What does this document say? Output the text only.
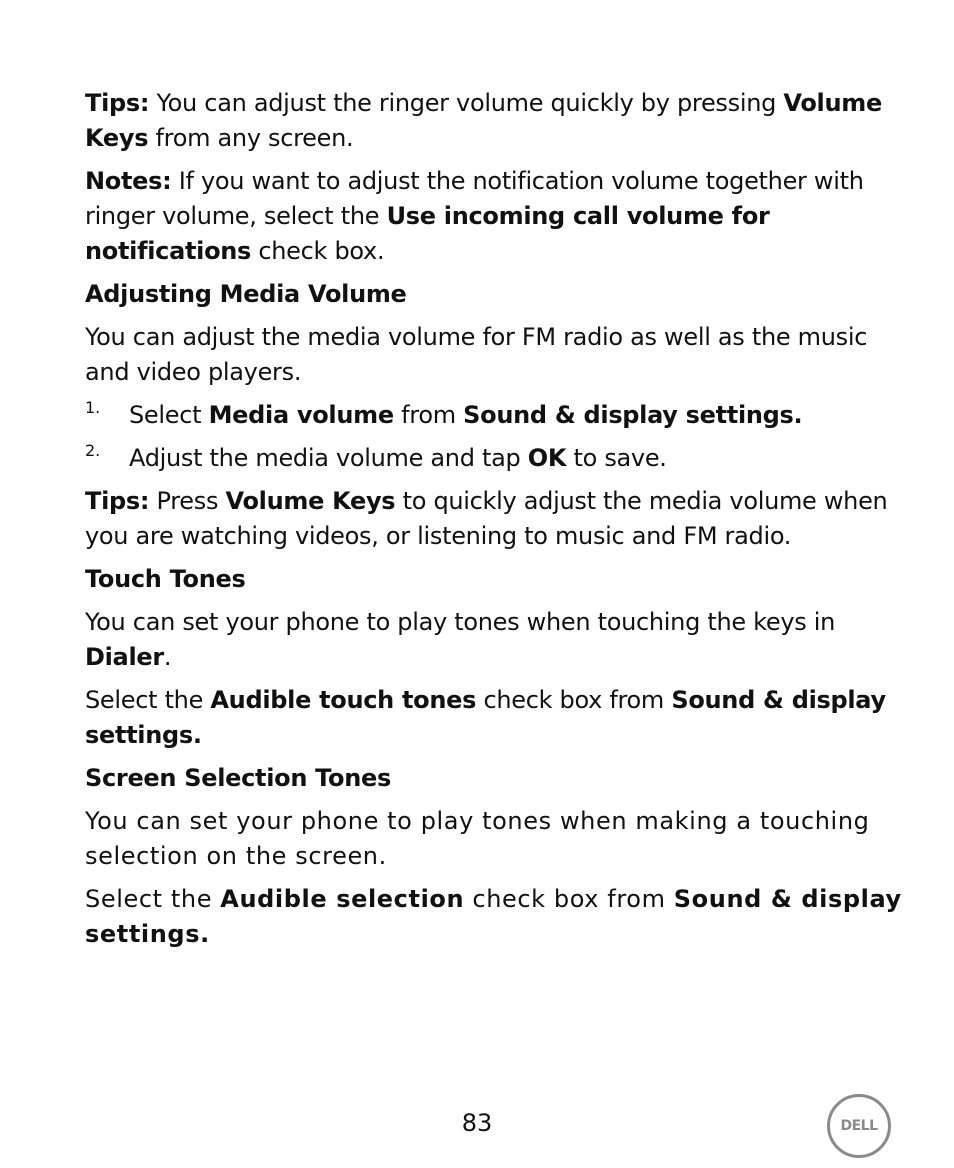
Tips: You can adjust the ringer volume quickly by pressing Volume Keys from any screen.

Notes: If you want to adjust the notification volume together with ringer volume, select the Use incoming call volume for notifications check box.

Adjusting Media Volume

You can adjust the media volume for FM radio as well as the music and video players.

1.	Select Media volume from Sound & display settings.

2.	Adjust the media volume and tap OK to save.

Tips: Press Volume Keys to quickly adjust the media volume when you are watching videos, or listening to music and FM radio.

Touch Tones

You can set your phone to play tones when touching the keys in Dialer.

Select the Audible touch tones check box from Sound & display settings.

Screen Selection Tones

You can set your phone to play tones when making a touching selection on the screen.

Select the Audible selection check box from Sound & display settings.

83	DELL
